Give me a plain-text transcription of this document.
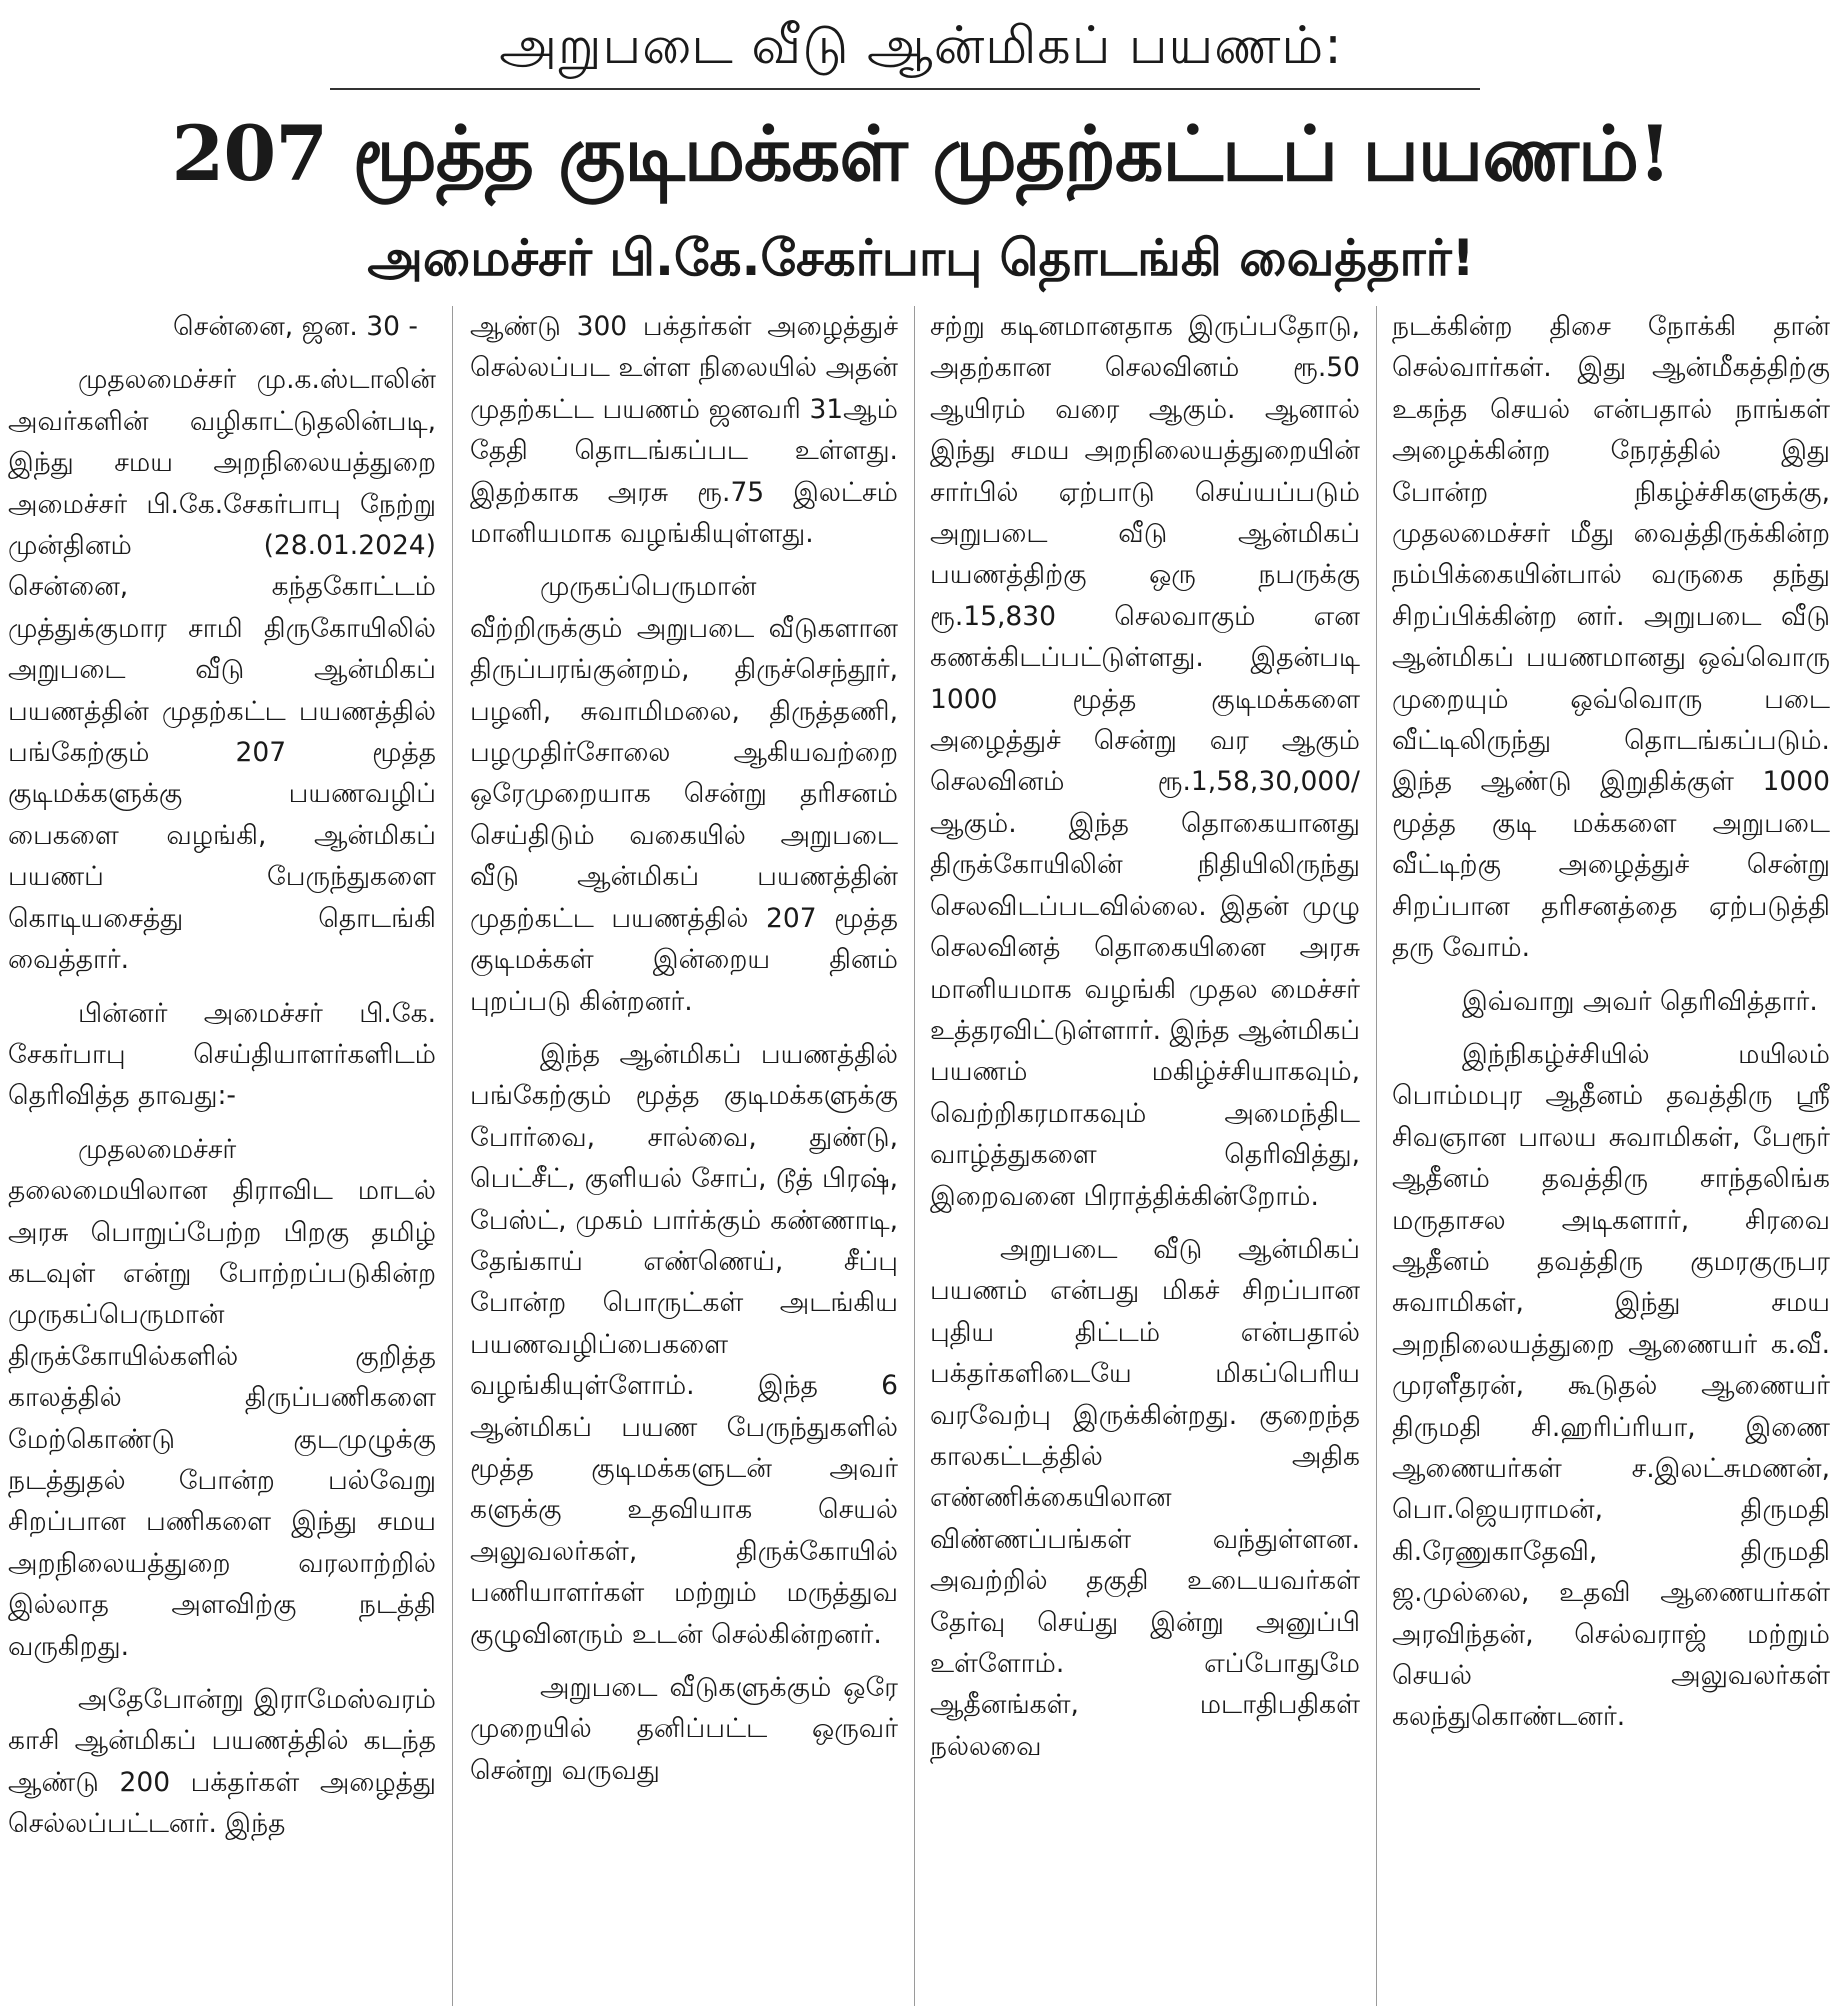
அறுபடை வீடு ஆன்மிகப் பயணம்:
207 மூத்த குடிமக்கள் முதற்கட்டப் பயணம்!
அமைச்சர் பி.கே.சேகர்பாபு தொடங்கி வைத்தார்!

சென்னை, ஜன. 30 -

முதலமைச்சர் மு.க.ஸ்டாலின் அவர்களின் வழிகாட்டுதலின்படி, இந்து சமய அறநிலையத்துறை அமைச்சர் பி.கே.சேகர்பாபு நேற்று முன்தினம் (28.01.2024) சென்னை, கந்தகோட்டம் முத்துக்குமார சாமி திருகோயிலில் அறுபடை வீடு ஆன்மிகப் பயணத்தின் முதற்கட்ட பயணத்தில் பங்கேற்கும் 207 மூத்த குடிமக்களுக்கு பயணவழிப் பைகளை வழங்கி, ஆன்மிகப் பயணப் பேருந்துகளை கொடியசைத்து தொடங்கி வைத்தார்.

பின்னர் அமைச்சர் பி.கே. சேகர்பாபு செய்தியாளர்களிடம் தெரிவித்த தாவது:-

முதலமைச்சர் தலைமையிலான திராவிட மாடல் அரசு பொறுப்பேற்ற பிறகு தமிழ் கடவுள் என்று போற்றப்படுகின்ற முருகப்பெருமான் திருக்கோயில்களில் குறித்த காலத்தில் திருப்பணிகளை மேற்கொண்டு குடமுழுக்கு நடத்துதல் போன்ற பல்வேறு சிறப்பான பணிகளை இந்து சமய அறநிலையத்துறை வரலாற்றில் இல்லாத அளவிற்கு நடத்தி வருகிறது.

அதேபோன்று இராமேஸ்வரம் காசி ஆன்மிகப் பயணத்தில் கடந்த ஆண்டு 200 பக்தர்கள் அழைத்து செல்லப்பட்டனர். இந்த

ஆண்டு 300 பக்தர்கள் அழைத்துச் செல்லப்பட உள்ள நிலையில் அதன் முதற்கட்ட பயணம் ஜனவரி 31ஆம் தேதி தொடங்கப்பட உள்ளது. இதற்காக அரசு ரூ.75 இலட்சம் மானியமாக வழங்கியுள்ளது.

முருகப்பெருமான் வீற்றிருக்கும் அறுபடை வீடுகளான திருப்பரங்குன்றம், திருச்செந்தூர், பழனி, சுவாமிமலை, திருத்தணி, பழமுதிர்சோலை ஆகியவற்றை ஒரேமுறையாக சென்று தரிசனம் செய்திடும் வகையில் அறுபடை வீடு ஆன்மிகப் பயணத்தின் முதற்கட்ட பயணத்தில் 207 மூத்த குடிமக்கள் இன்றைய தினம் புறப்படு கின்றனர்.

இந்த ஆன்மிகப் பயணத்தில் பங்கேற்கும் மூத்த குடிமக்களுக்கு போர்வை, சால்வை, துண்டு, பெட்சீட், குளியல் சோப், டூத் பிரஷ், பேஸ்ட், முகம் பார்க்கும் கண்ணாடி, தேங்காய் எண்ணெய், சீப்பு போன்ற பொருட்கள் அடங்கிய பயணவழிப்பைகளை வழங்கியுள்ளோம். இந்த 6 ஆன்மிகப் பயண பேருந்துகளில் மூத்த குடிமக்களுடன் அவர் களுக்கு உதவியாக செயல் அலுவலர்கள், திருக்கோயில் பணியாளர்கள் மற்றும் மருத்துவ குழுவினரும் உடன் செல்கின்றனர்.

அறுபடை வீடுகளுக்கும் ஒரே முறையில் தனிப்பட்ட ஒருவர் சென்று வருவது

சற்று கடினமானதாக இருப்பதோடு, அதற்கான செலவினம் ரூ.50 ஆயிரம் வரை ஆகும். ஆனால் இந்து சமய அறநிலையத்துறையின் சார்பில் ஏற்பாடு செய்யப்படும் அறுபடை வீடு ஆன்மிகப் பயணத்திற்கு ஒரு நபருக்கு ரூ.15,830 செலவாகும் என கணக்கிடப்பட்டுள்ளது. இதன்படி 1000 மூத்த குடிமக்களை அழைத்துச் சென்று வர ஆகும் செலவினம் ரூ.1,58,30,000/ ஆகும். இந்த தொகையானது திருக்கோயிலின் நிதியிலிருந்து செலவிடப்படவில்லை. இதன் முழு செலவினத் தொகையினை அரசு மானியமாக வழங்கி முதல மைச்சர் உத்தரவிட்டுள்ளார். இந்த ஆன்மிகப் பயணம் மகிழ்ச்சியாகவும், வெற்றிகரமாகவும் அமைந்திட வாழ்த்துகளை தெரிவித்து, இறைவனை பிராத்திக்கின்றோம்.

அறுபடை வீடு ஆன்மிகப் பயணம் என்பது மிகச் சிறப்பான புதிய திட்டம் என்பதால் பக்தர்களிடையே மிகப்பெரிய வரவேற்பு இருக்கின்றது. குறைந்த காலகட்டத்தில் அதிக எண்ணிக்கையிலான விண்ணப்பங்கள் வந்துள்ளன. அவற்றில் தகுதி உடையவர்கள் தேர்வு செய்து இன்று அனுப்பி உள்ளோம். எப்போதுமே ஆதீனங்கள், மடாதிபதிகள் நல்லவை

நடக்கின்ற திசை நோக்கி தான் செல்வார்கள். இது ஆன்மீகத்திற்கு உகந்த செயல் என்பதால் நாங்கள் அழைக்கின்ற நேரத்தில் இது போன்ற நிகழ்ச்சிகளுக்கு, முதலமைச்சர் மீது வைத்திருக்கின்ற நம்பிக்கையின்பால் வருகை தந்து சிறப்பிக்கின்ற னர். அறுபடை வீடு ஆன்மிகப் பயணமானது ஒவ்வொரு முறையும் ஒவ்வொரு படை வீட்டிலிருந்து தொடங்கப்படும். இந்த ஆண்டு இறுதிக்குள் 1000 மூத்த குடி மக்களை அறுபடை வீட்டிற்கு அழைத்துச் சென்று சிறப்பான தரிசனத்தை ஏற்படுத்தி தரு வோம்.

இவ்வாறு அவர் தெரிவித்தார்.

இந்நிகழ்ச்சியில் மயிலம் பொம்மபுர ஆதீனம் தவத்திரு ஸ்ரீ சிவஞான பாலய சுவாமிகள், பேரூர் ஆதீனம் தவத்திரு சாந்தலிங்க மருதாசல அடிகளார், சிரவை ஆதீனம் தவத்திரு குமரகுருபர சுவாமிகள், இந்து சமய அறநிலையத்துறை ஆணையர் க.வீ. முரளீதரன், கூடுதல் ஆணையர் திருமதி சி.ஹரிப்ரியா, இணை ஆணையர்கள் ச.இலட்சுமணன், பொ.ஜெயராமன், திருமதி கி.ரேணுகாதேவி, திருமதி ஜ.முல்லை, உதவி ஆணையர்கள் அரவிந்தன், செல்வராஜ் மற்றும் செயல் அலுவலர்கள் கலந்துகொண்டனர்.
